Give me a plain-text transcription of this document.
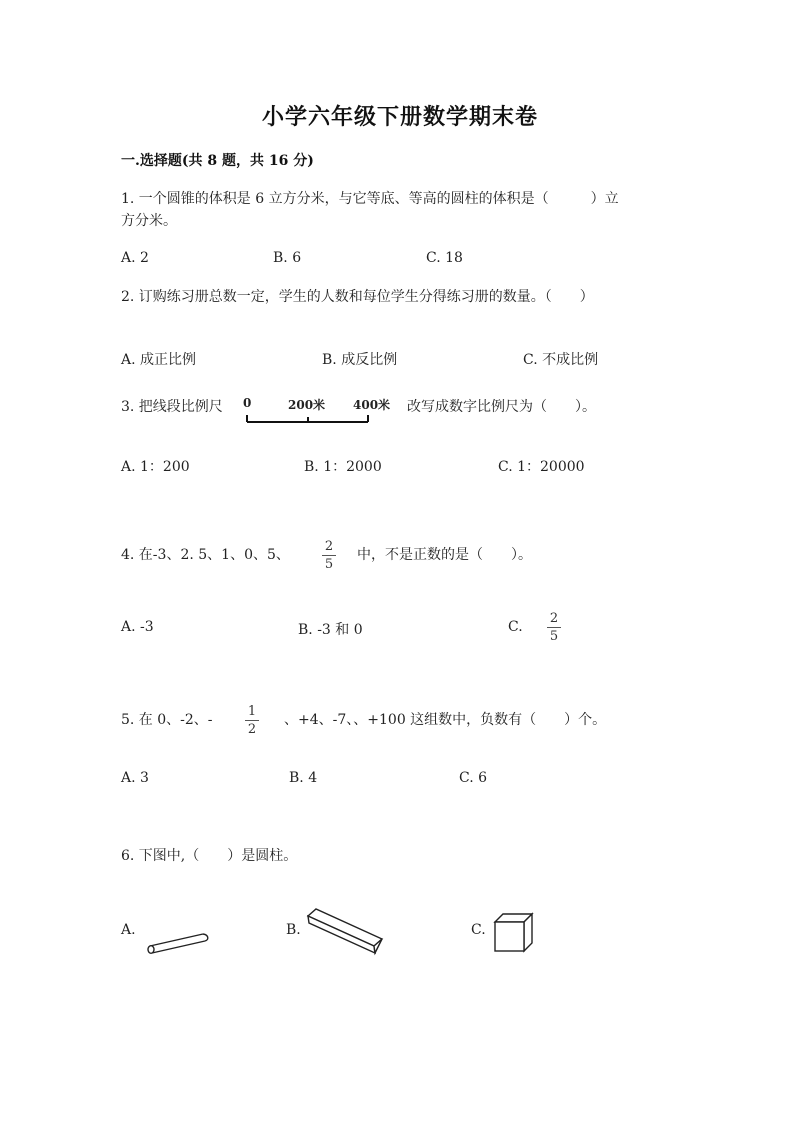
小学六年级下册数学期末卷
一.选择题(共 8 题，共 16 分)
1. 一个圆锥的体积是 6 立方分米，与它等底、等高的圆柱的体积是（　　　）立
方分米。
A. 2	B. 6	C. 18
2. 订购练习册总数一定，学生的人数和每位学生分得练习册的数量。（　　）
A. 成正比例	B. 成反比例	C. 不成比例
3. 把线段比例尺 0	200米 400米 改写成数字比例尺为（　　）。
A. 1：200	B. 1：2000	C. 1：20000
4. 在-3、2. 5、1、0、5、
2
5
中，不是正数的是（　　）。
A. -3	B. -3 和 0	C.
2
5
5. 在 0、-2、-
1
2
、+4、-7、、+100 这组数中，负数有（　　）个。
A. 3	B. 4	C. 6
6. 下图中,（　　）是圆柱。
A.	B.	C.
